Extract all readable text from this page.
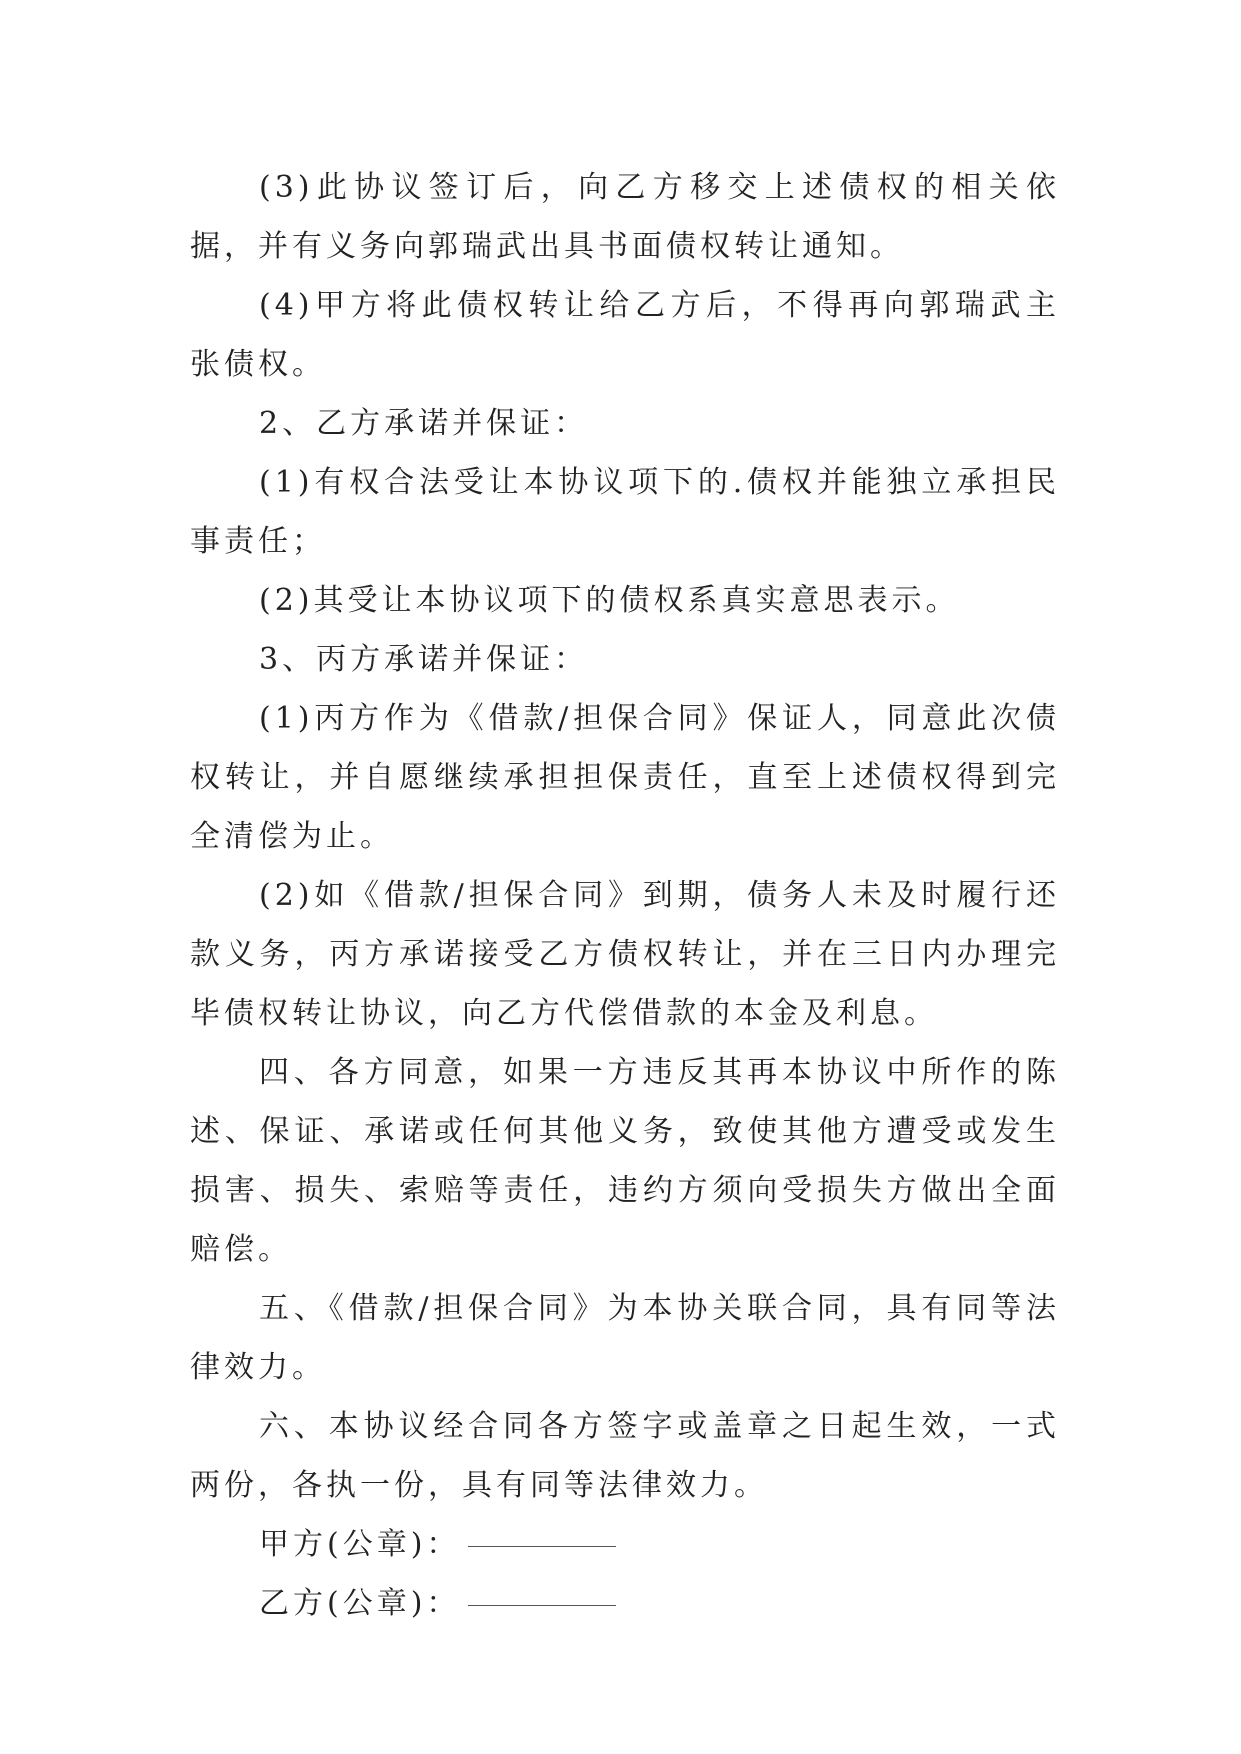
(3)此协议签订后，向乙方移交上述债权的相关依据，并有义务向郭瑞武出具书面债权转让通知。

(4)甲方将此债权转让给乙方后，不得再向郭瑞武主张债权。

2、乙方承诺并保证：

(1)有权合法受让本协议项下的.债权并能独立承担民事责任；

(2)其受让本协议项下的债权系真实意思表示。

3、丙方承诺并保证：

(1)丙方作为《借款/担保合同》保证人，同意此次债权转让，并自愿继续承担担保责任，直至上述债权得到完全清偿为止。

(2)如《借款/担保合同》到期，债务人未及时履行还款义务，丙方承诺接受乙方债权转让，并在三日内办理完毕债权转让协议，向乙方代偿借款的本金及利息。

四、各方同意，如果一方违反其再本协议中所作的陈述、保证、承诺或任何其他义务，致使其他方遭受或发生损害、损失、索赔等责任，违约方须向受损失方做出全面赔偿。

五、《借款/担保合同》为本协关联合同，具有同等法律效力。

六、本协议经合同各方签字或盖章之日起生效，一式两份，各执一份，具有同等法律效力。

甲方(公章)：

乙方(公章)：
